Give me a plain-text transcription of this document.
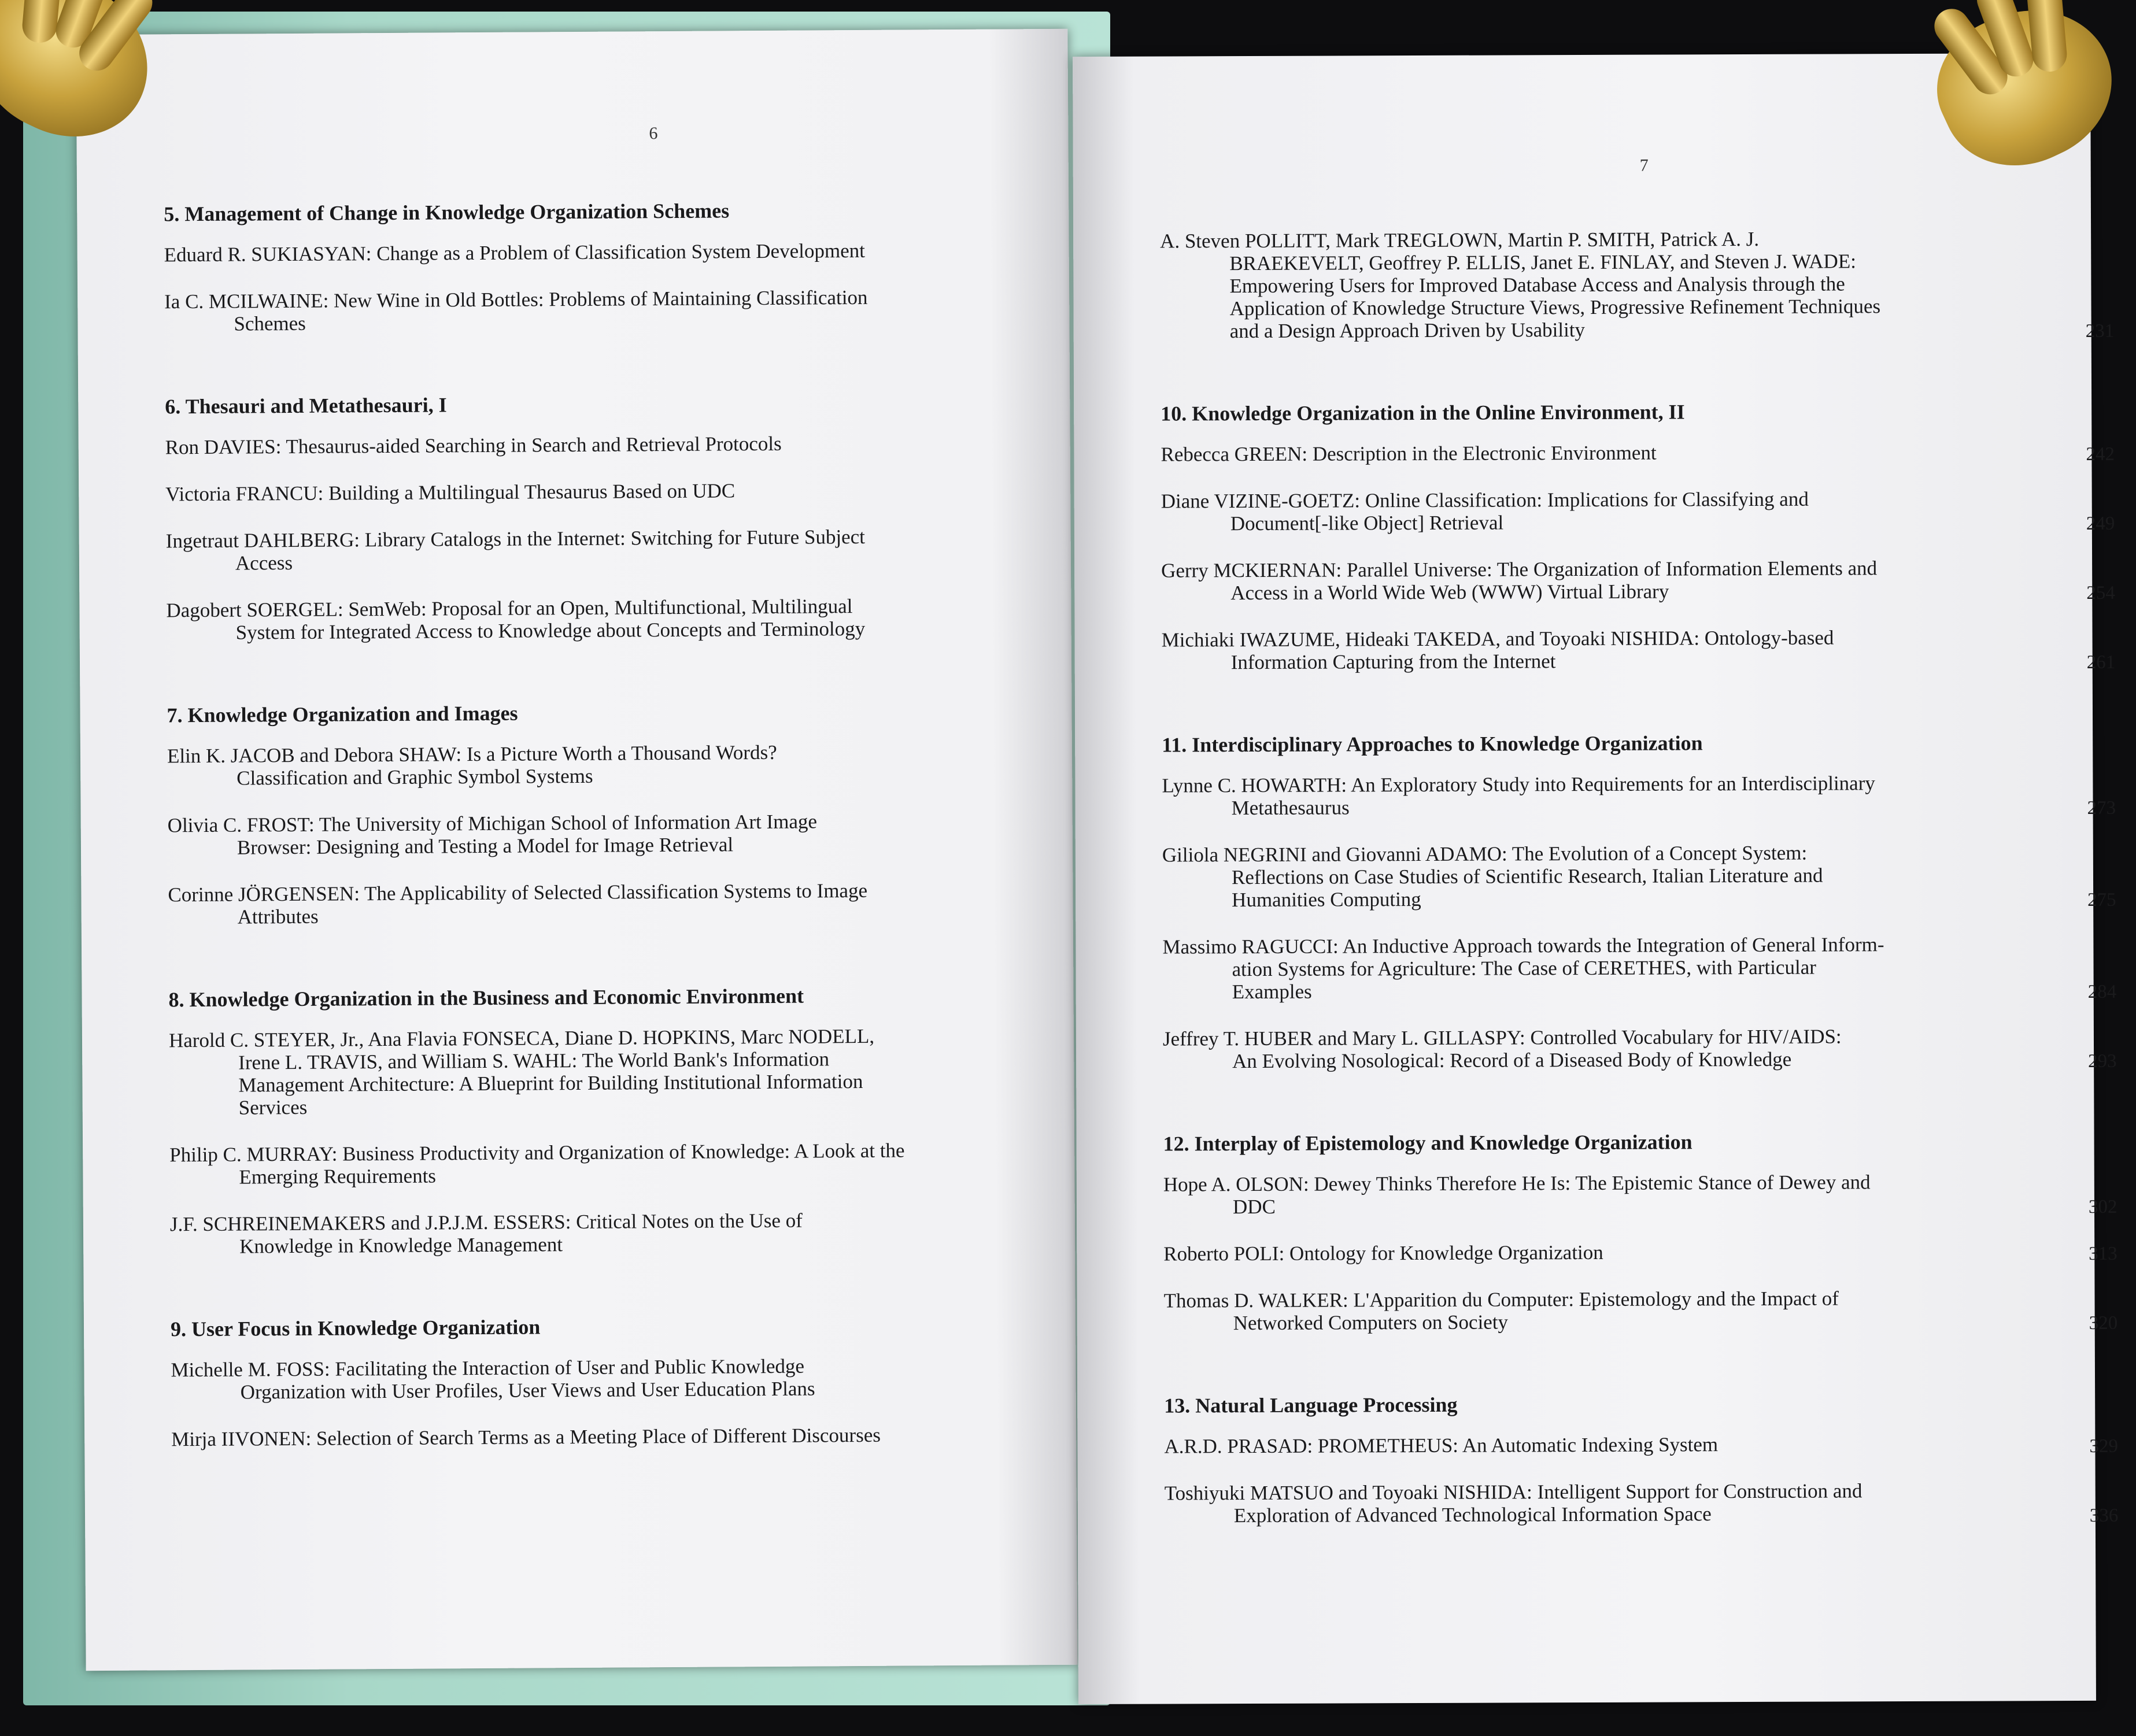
6
5. Management of Change in Knowledge Organization Schemes
Eduard R. SUKIASYAN: Change as a Problem of Classification System Development
Ia C. MCILWAINE: New Wine in Old Bottles: Problems of Maintaining Classification
Schemes
6. Thesauri and Metathesauri, I
Ron DAVIES: Thesaurus-aided Searching in Search and Retrieval Protocols
Victoria FRANCU: Building a Multilingual Thesaurus Based on UDC
Ingetraut DAHLBERG: Library Catalogs in the Internet: Switching for Future Subject
Access
Dagobert SOERGEL: SemWeb: Proposal for an Open, Multifunctional, Multilingual
System for Integrated Access to Knowledge about Concepts and Terminology
7. Knowledge Organization and Images
Elin K. JACOB and Debora SHAW: Is a Picture Worth a Thousand Words?
Classification and Graphic Symbol Systems
Olivia C. FROST: The University of Michigan School of Information Art Image
Browser: Designing and Testing a Model for Image Retrieval
Corinne JÖRGENSEN: The Applicability of Selected Classification Systems to Image
Attributes
8. Knowledge Organization in the Business and Economic Environment
Harold C. STEYER, Jr., Ana Flavia FONSECA, Diane D. HOPKINS, Marc NODELL,
Irene L. TRAVIS, and William S. WAHL: The World Bank's Information
Management Architecture: A Blueprint for Building Institutional Information
Services
Philip C. MURRAY: Business Productivity and Organization of Knowledge: A Look at the
Emerging Requirements
J.F. SCHREINEMAKERS and J.P.J.M. ESSERS: Critical Notes on the Use of
Knowledge in Knowledge Management
9. User Focus in Knowledge Organization
Michelle M. FOSS: Facilitating the Interaction of User and Public Knowledge
Organization with User Profiles, User Views and User Education Plans
Mirja IIVONEN: Selection of Search Terms as a Meeting Place of Different Discourses
7
A. Steven POLLITT, Mark TREGLOWN, Martin P. SMITH, Patrick A. J.
BRAEKEVELT, Geoffrey P. ELLIS, Janet E. FINLAY, and Steven J. WADE:
Empowering Users for Improved Database Access and Analysis through the
Application of Knowledge Structure Views, Progressive Refinement Techniques
and a Design Approach Driven by Usability	231
10. Knowledge Organization in the Online Environment, II
Rebecca GREEN: Description in the Electronic Environment	242
Diane VIZINE-GOETZ: Online Classification: Implications for Classifying and
Document[-like Object] Retrieval	249
Gerry MCKIERNAN: Parallel Universe: The Organization of Information Elements and
Access in a World Wide Web (WWW) Virtual Library	254
Michiaki IWAZUME, Hideaki TAKEDA, and Toyoaki NISHIDA: Ontology-based
Information Capturing from the Internet	261
11. Interdisciplinary Approaches to Knowledge Organization
Lynne C. HOWARTH: An Exploratory Study into Requirements for an Interdisciplinary
Metathesaurus	273
Giliola NEGRINI and Giovanni ADAMO: The Evolution of a Concept System:
Reflections on Case Studies of Scientific Research, Italian Literature and
Humanities Computing	275
Massimo RAGUCCI: An Inductive Approach towards the Integration of General Inform-
ation Systems for Agriculture: The Case of CERETHES, with Particular
Examples	284
Jeffrey T. HUBER and Mary L. GILLASPY: Controlled Vocabulary for HIV/AIDS:
An Evolving Nosological: Record of a Diseased Body of Knowledge	293
12. Interplay of Epistemology and Knowledge Organization
Hope A. OLSON: Dewey Thinks Therefore He Is: The Epistemic Stance of Dewey and
DDC	302
Roberto POLI: Ontology for Knowledge Organization	313
Thomas D. WALKER: L'Apparition du Computer: Epistemology and the Impact of
Networked Computers on Society	320
13. Natural Language Processing
A.R.D. PRASAD: PROMETHEUS: An Automatic Indexing System	329
Toshiyuki MATSUO and Toyoaki NISHIDA: Intelligent Support for Construction and
Exploration of Advanced Technological Information Space	336
